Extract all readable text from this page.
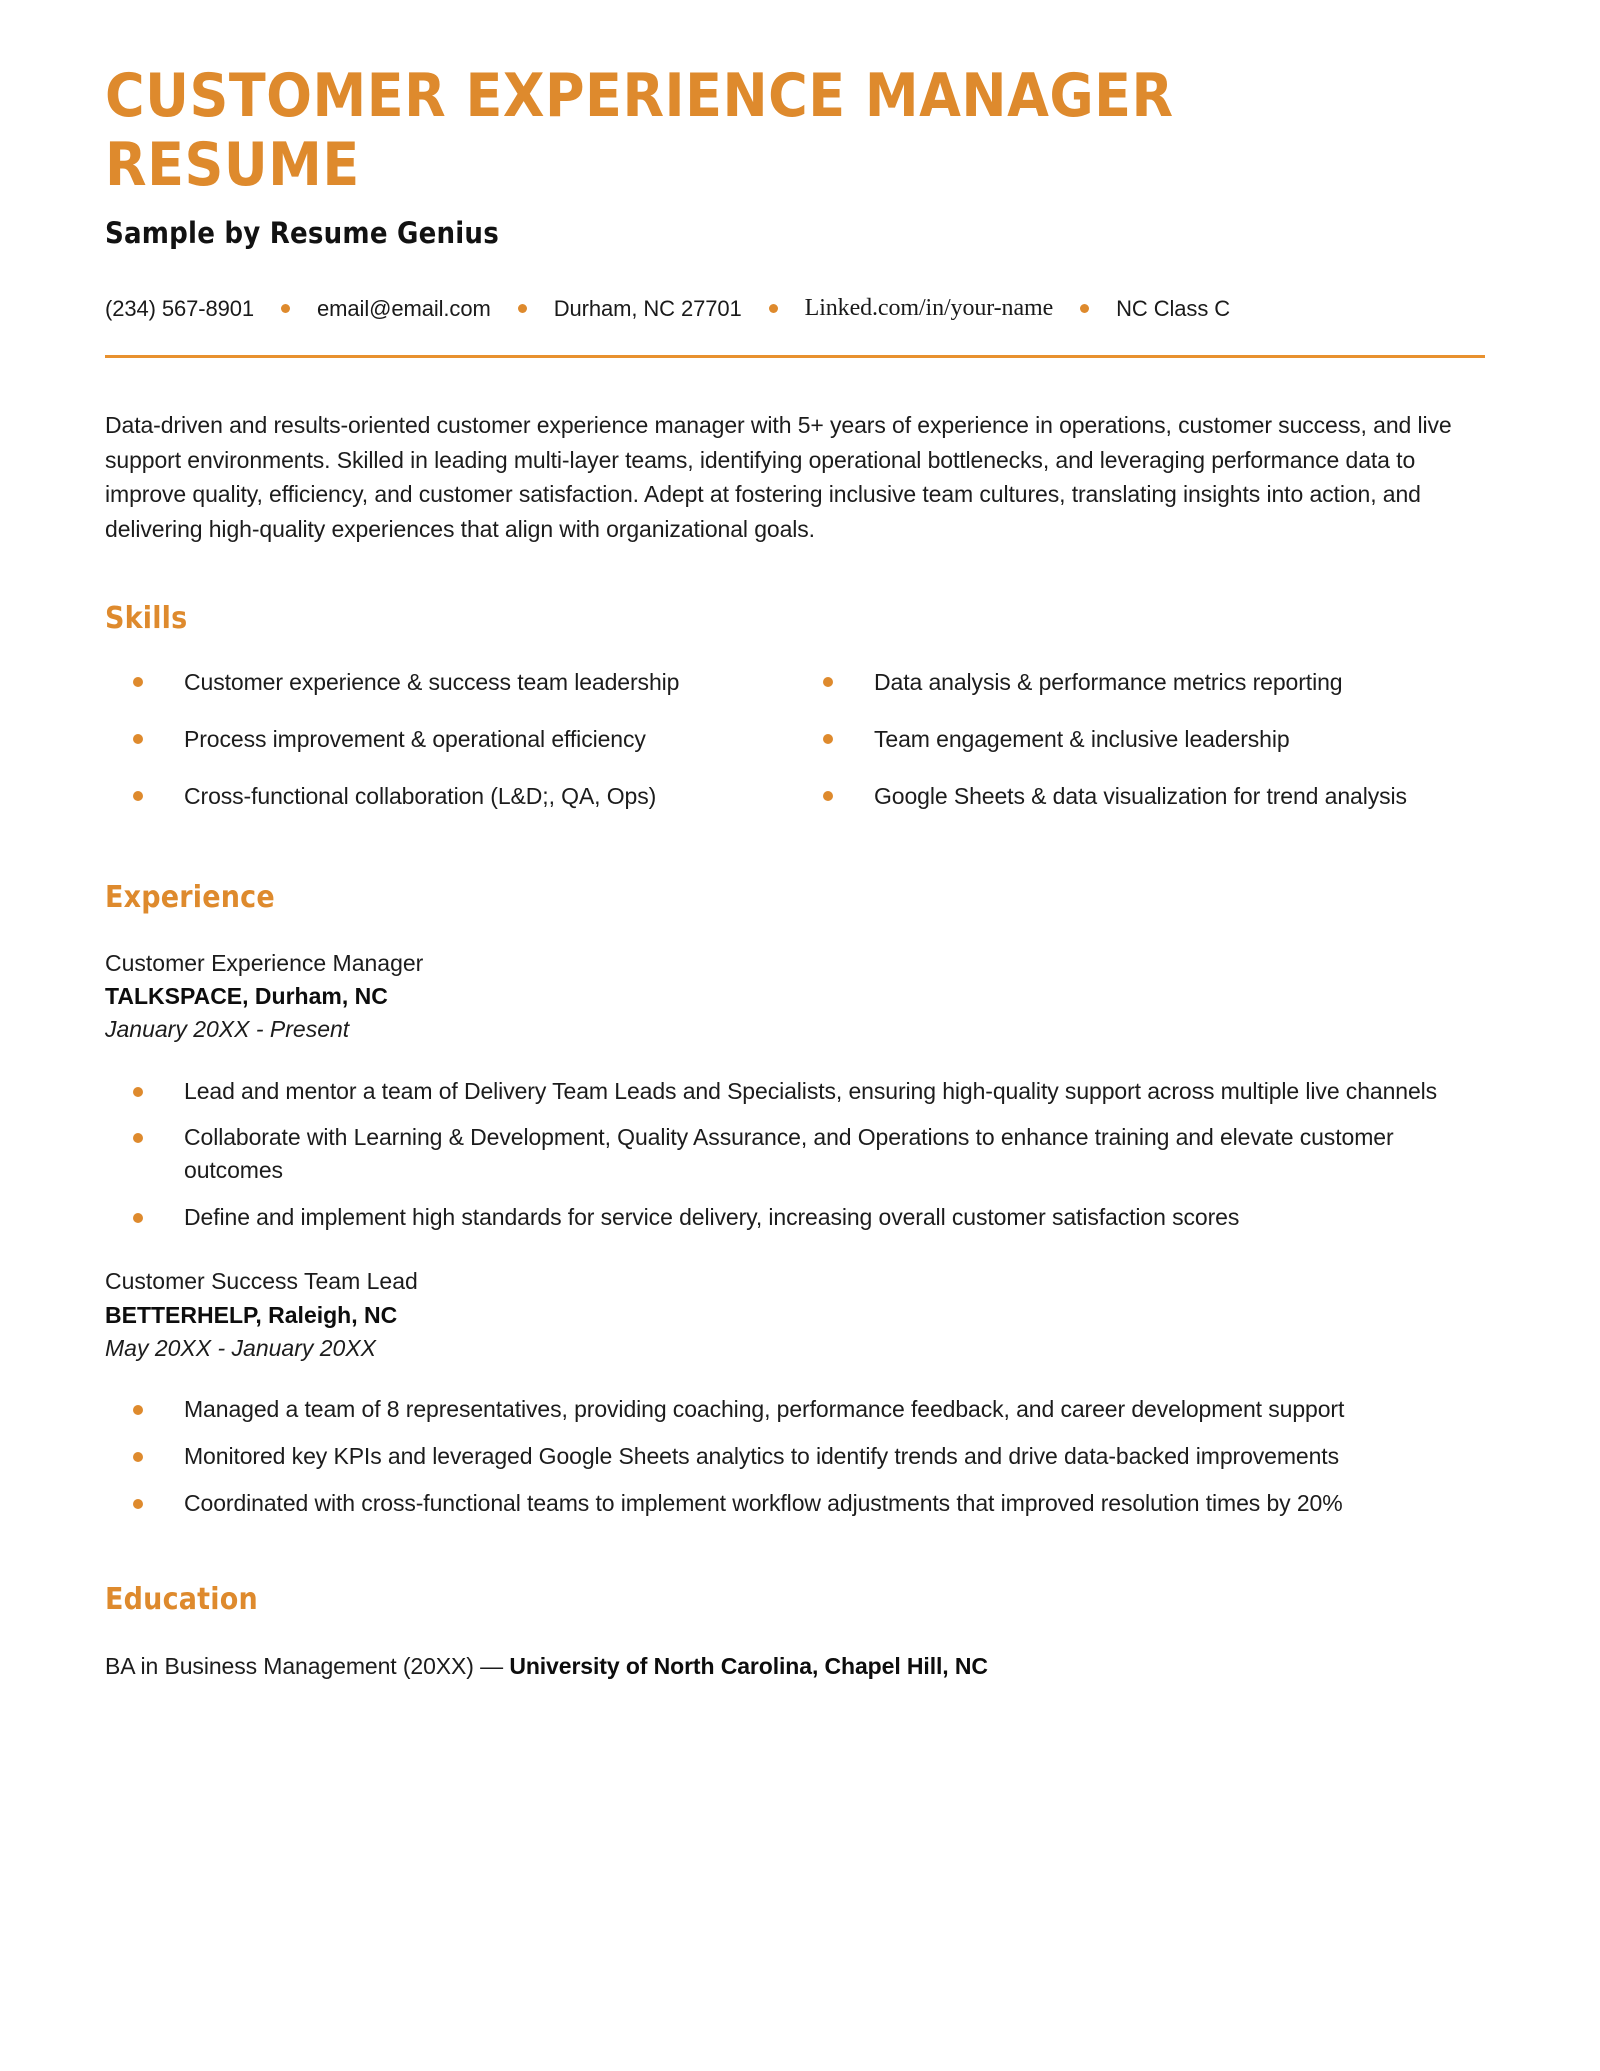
CUSTOMER EXPERIENCE MANAGER RESUME
Sample by Resume Genius
(234) 567-8901	email@email.com	Durham, NC 27701	Linked.com/in/your-name	NC Class C

Data-driven and results-oriented customer experience manager with 5+ years of experience in operations, customer success, and live support environments. Skilled in leading multi-layer teams, identifying operational bottlenecks, and leveraging performance data to improve quality, efficiency, and customer satisfaction. Adept at fostering inclusive team cultures, translating insights into action, and delivering high-quality experiences that align with organizational goals.

Skills
Customer experience & success team leadership
Process improvement & operational efficiency
Cross-functional collaboration (L&D;, QA, Ops)
Data analysis & performance metrics reporting
Team engagement & inclusive leadership
Google Sheets & data visualization for trend analysis
Experience
Customer Experience Manager
TALKSPACE, Durham, NC
January 20XX - Present
Lead and mentor a team of Delivery Team Leads and Specialists, ensuring high-quality support across multiple live channels
Collaborate with Learning & Development, Quality Assurance, and Operations to enhance training and elevate customer outcomes
Define and implement high standards for service delivery, increasing overall customer satisfaction scores
Customer Success Team Lead
BETTERHELP, Raleigh, NC
May 20XX - January 20XX
Managed a team of 8 representatives, providing coaching, performance feedback, and career development support
Monitored key KPIs and leveraged Google Sheets analytics to identify trends and drive data-backed improvements
Coordinated with cross-functional teams to implement workflow adjustments that improved resolution times by 20%
Education
BA in Business Management (20XX) — University of North Carolina, Chapel Hill, NC
